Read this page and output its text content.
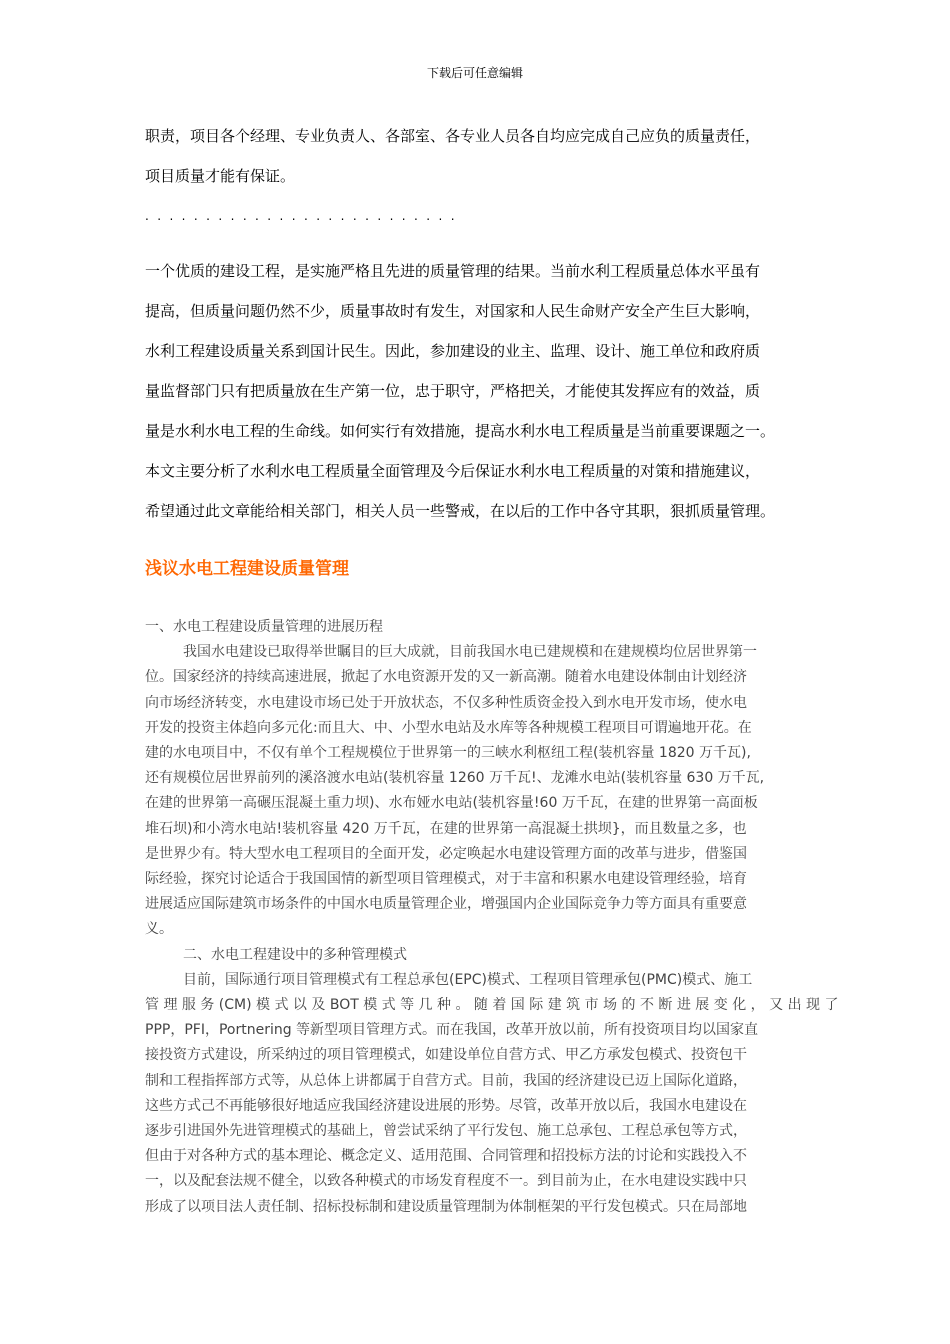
下载后可任意编辑

职责，项目各个经理、专业负责人、各部室、各专业人员各自均应完成自己应负的质量责任，

项目质量才能有保证。

. . . . . . . . . . . . . . . . . . . . . . . . . .

一个优质的建设工程，是实施严格且先进的质量管理的结果。当前水利工程质量总体水平虽有

提高，但质量问题仍然不少，质量事故时有发生，对国家和人民生命财产安全产生巨大影响，

水利工程建设质量关系到国计民生。因此，参加建设的业主、监理、设计、施工单位和政府质

量监督部门只有把质量放在生产第一位，忠于职守，严格把关，才能使其发挥应有的效益，质

量是水利水电工程的生命线。如何实行有效措施，提高水利水电工程质量是当前重要课题之一。

本文主要分析了水利水电工程质量全面管理及今后保证水利水电工程质量的对策和措施建议，

希望通过此文章能给相关部门，相关人员一些警戒，在以后的工作中各守其职，狠抓质量管理。

浅议水电工程建设质量管理

一、水电工程建设质量管理的进展历程

我国水电建设已取得举世瞩目的巨大成就，目前我国水电已建规模和在建规模均位居世界第一

位。国家经济的持续高速进展，掀起了水电资源开发的又一新高潮。随着水电建设体制由计划经济

向市场经济转变，水电建设市场已处于开放状态，不仅多种性质资金投入到水电开发市场，使水电

开发的投资主体趋向多元化:而且大、中、小型水电站及水库等各种规模工程项目可谓遍地开花。在

建的水电项目中，不仅有单个工程规模位于世界第一的三峡水利枢纽工程(装机容量 1820 万千瓦),

还有规模位居世界前列的溪洛渡水电站(装机容量 1260 万千瓦!、龙滩水电站(装机容量 630 万千瓦,

在建的世界第一高碾压混凝土重力坝)、水布娅水电站(装机容量!60 万千瓦，在建的世界第一高面板

堆石坝)和小湾水电站!装机容量 420 万千瓦，在建的世界第一高混凝土拱坝}，而且数量之多，也

是世界少有。特大型水电工程项目的全面开发，必定唤起水电建设管理方面的改革与进步，借鉴国

际经验，探究讨论适合于我国国情的新型项目管理模式，对于丰富和积累水电建设管理经验，培育

进展适应国际建筑市场条件的中国水电质量管理企业，增强国内企业国际竞争力等方面具有重要意

义。

二、水电工程建设中的多种管理模式

目前，国际通行项目管理模式有工程总承包(EPC)模式、工程项目管理承包(PMC)模式、施工

管 理 服 务 (CM) 模 式 以 及 BOT 模 式 等 几 种 。 随 着 国 际 建 筑 市 场 的 不 断 进 展 变 化 ， 又 出 现 了

PPP，PFI，Portnering 等新型项目管理方式。而在我国，改革开放以前，所有投资项目均以国家直

接投资方式建设，所采纳过的项目管理模式，如建设单位自营方式、甲乙方承发包模式、投资包干

制和工程指挥部方式等，从总体上讲都属于自营方式。目前，我国的经济建设已迈上国际化道路，

这些方式己不再能够很好地适应我国经济建设进展的形势。尽管，改革开放以后，我国水电建设在

逐步引进国外先进管理模式的基础上，曾尝试采纳了平行发包、施工总承包、工程总承包等方式，

但由于对各种方式的基本理论、概念定义、适用范围、合同管理和招投标方法的讨论和实践投入不

一，以及配套法规不健全，以致各种模式的市场发育程度不一。到目前为止，在水电建设实践中只

形成了以项目法人责任制、招标投标制和建设质量管理制为体制框架的平行发包模式。只在局部地
